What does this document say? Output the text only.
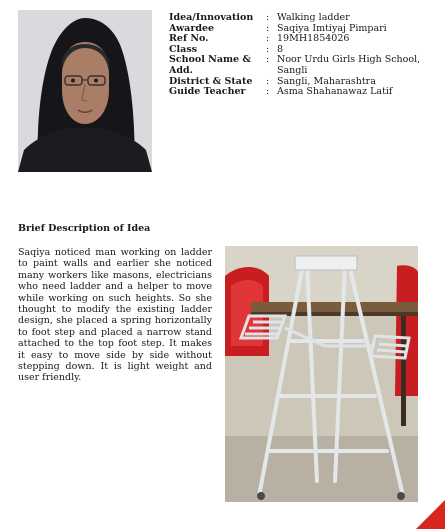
Idea/Innovation	: Walking ladder
Awardee	: Saqiya Imtiyaj Pimpari
Ref No.	: 19MH1854026
Class	: 8
School Name & Add.
: Noor Urdu Girls High School, Sangli
District & State	: Sangli, Maharashtra
Guide Teacher	: Asma Shahanawaz Latif
Brief Description of Idea

Saqiya noticed man working on ladder to paint walls and earlier she noticed many workers like masons, electricians who need ladder and a helper to move while working on such heights. So she thought to modify the existing ladder design, she placed a spring horizontally to foot step and placed a narrow stand attached to the top foot step. It makes it easy to move side by side without stepping down. It is light weight and user friendly.
